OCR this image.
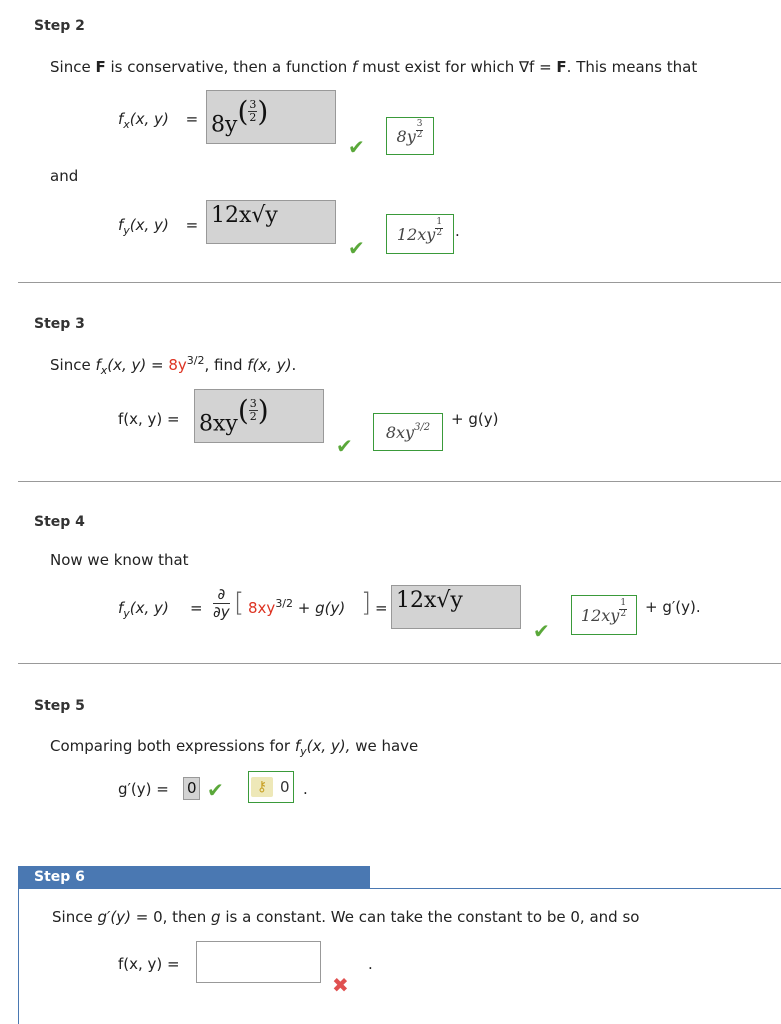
Step 2
Since F is conservative, then a function f must exist for which ∇f = F. This means that
$f_x(x$, $y) = 8y( \frac{3}{2}$ )
✔ $8y \frac{3}{2}$
and
$f_y(x$, y) = 12x√y
✔
$12xy \frac{1}{2}$ .
Step 3
Since $f_x(x$, $y) = 8y^{3/2}$, find f(x, y).
f(x, $y) = 8xy( \frac{3}{2}$ )
✔
$8xy^{3/2} + g(y)$
Step 4
Now we know that
$f_y(x$, y) =
∂
∂y [ $8xy^{3/2} + g(y)$ ] = 12x√y
✔
$12xy \frac{1}{2} + g'(y)$.
Step 5
Comparing both expressions for $f_y(x$, y), we have
g′(y) = 0 ✔	⚷ 0 .
Step 6
Since g′(y) = 0, then g is a constant. We can take the constant to be 0, and so
f(x, y) =
✖
.
